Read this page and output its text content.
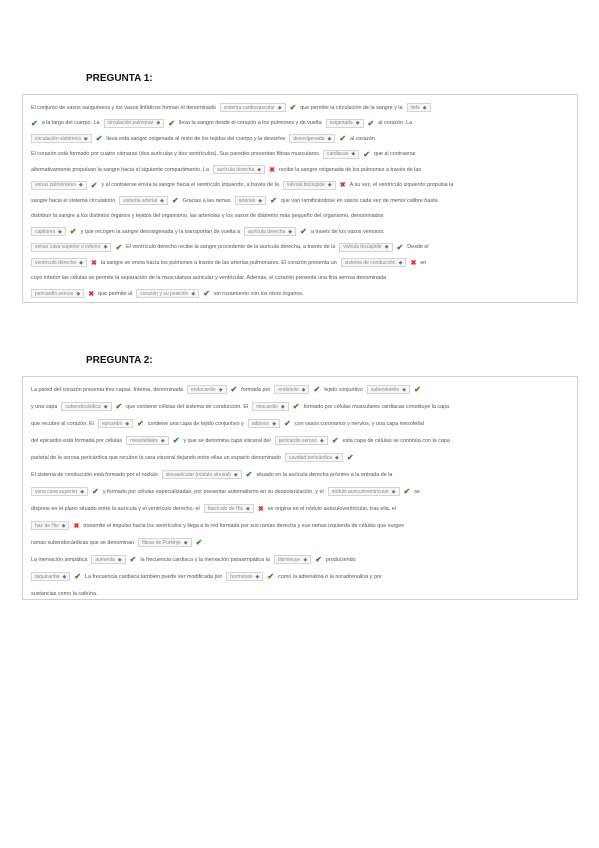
PREGUNTA 1:
El conjunto de vasos sanguíneos y los vasos linfáticos forman el denominado sistema cardiovascular ◆ ✔ que permite la circulación de la sangre y la linfa ◆
✔ a la largo del cuerpo. La circulación pulmonar ◆ ✔ lleva la sangre desde el corazón a los pulmones y de vuelta oxigenada ◆ ✔ al corazón. La
circulación sistémica ◆ ✔ lleva esta sangre oxigenada al resto de los tejidos del cuerpo y la devuelve desoxigenada ◆ ✔ al corazón
El corazón está formado por cuatro cámaras (dos aurículas y dos ventrículos). Sus paredes presentan fibras musculares cardiacas ◆ ✔ que al contraerse
alternativamente propulsan la sangre hacia el siguiente compartimento. La aurícula derecha ◆ ✖ recibe la sangre oxigenada de los pulmones a través de las
venas pulmonares ◆ ✔ y al contraerse envía la sangre hacia el ventrículo izquierdo, a través de la válvula bicúspide ◆ ✖ A su vez, el ventrículo izquierdo propulsa la
sangre hacia el sistema circulatorio sistema arterial ◆ ✔ Gracias a las ramas arterias ◆ ✔ que van ramificándose en vasos cada vez de menor calibre hasta
distribuir la sangre a los distintos órganos y tejidos del organismo, las arteriolas y los vasos de diámetro más pequeño del organismo, denominados
capilares ◆ ✔ y que recogen la sangre desoxigenada y la transportan de vuelta a aurícula derecha ◆ ✔ a través de los vasos venosos:
venas cava superior e inferior ◆ ✔ El ventrículo derecho recibe la sangre procedente de la aurícula derecha, a través de la válvula tricúspide ◆ ✔ Desde el
ventrículo derecho ◆ ✖ la sangre se envía hacia los pulmones a través de las arterias pulmonares. El corazón presenta un sistema de conducción ◆ ✖ en
cuyo interior las células se permite la separación de la musculatura auricular y ventricular. Además, el corazón presenta una fina serosa denominada
pericardio seroso ◆ ✖ que permite al corazón y su posición ◆ ✔ sin rozamiento con los otros órganos.
PREGUNTA 2:
La pared del corazón presenta tres capas. Interna, denominada endocardio ◆ ✔ formada por endotelio ◆ ✔ tejido conjuntivo subendotelio ◆ ✔
y una capa subendocárdica ◆ ✔ que contiene células del sistema de conducción. El miocardio ◆ ✔ formado por células musculares cardiacas constituye la capa
que recubre al corazón. El epicardio ◆ ✔ contiene una capa de tejido conjuntivo y adiposo ◆ ✔ con vasos coronarios y nervios, y una capa mesotelial
del epicardio está formada por células mesoteliales ◆ ✔ y que se denomina capa visceral del pericardio seroso ◆ ✔ esta capa de células se continúa con la capa
parietal de la serosa pericárdica que recubre la cara visceral dejando entre ellas un espacio denominado cavidad pericárdica ◆ ✔
El sistema de conducción está formado por el nodulo sinoauricular (nódulo sinusal) ◆ ✔ situado en la aurícula derecha próximo a la entrada de la
vena cava superior ◆ ✔ y formado por células especializadas, por presentar automatismo en su despolarización, y el nódulo auriculoventricular ◆ ✔ se
dispone en el plano situado entre la aurícula y el ventrículo derecho, el fascículo de His ◆ ✖ se origina en el nódulo auriculoventricular, tras ella, el
haz de His ◆ ✖ transmite el impulso hacia los ventrículos y llega a la red formada por sus ramas derecha y sus ramas izquierda de células que surgen
ramas subendocárdicas que se denominan fibras de Purkinje ◆ ✔
La inervación simpática aumenta ◆ ✔ la frecuencia cardíaca y la inervación parasimpática la disminuye ◆ ✔ produciendo
taquicardia ◆ ✔ La frecuencia cardiaca también puede ser modificada por hormonas ◆ ✔ como la adrenalina o la noradrenalina y por
sustancias como la cafeína.
